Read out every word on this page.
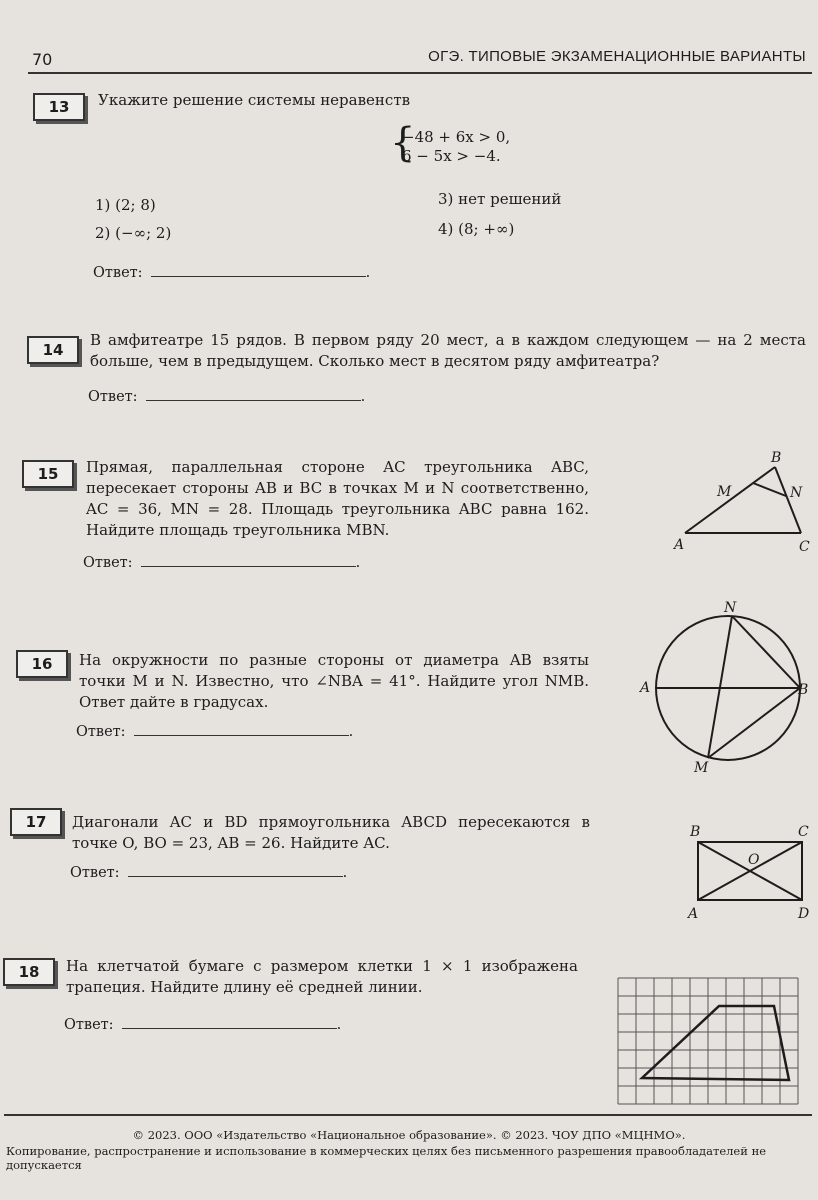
70	ОГЭ. ТИПОВЫЕ ЭКЗАМЕНАЦИОННЫЕ ВАРИАНТЫ
13	Укажите решение системы неравенств
{
−48 + 6x > 0,
6 − 5x > −4.
1) (2; 8)
2) (−∞; 2)
3) нет решений
4) (8; +∞)
Ответ:	.
14
В амфитеатре 15 рядов. В первом ряду 20 мест, а в каждом следующем — на 2 места больше, чем в предыдущем. Сколько мест в десятом ряду амфитеатра?
Ответ:	.
15	Прямая, параллельная стороне AC треугольника ABC, пересекает стороны AB и BC в точках M и N соответственно, AC = 36, MN = 28. Площадь треугольника ABC равна 162. Найдите площадь треугольника MBN.
Ответ:	.
B
M	N
A	C
16	На окружности по разные стороны от диаметра AB взяты точки M и N. Известно, что ∠NBA = 41°. Найдите угол NMB. Ответ дайте в градусах.
Ответ:	.
N
A	B
M
17	Диагонали AC и BD прямоугольника ABCD пересекаются в точке O, BO = 23, AB = 26. Найдите AC.
Ответ:	.
B	C
O
A	D
18	На клетчатой бумаге с размером клетки 1 × 1 изображена трапеция. Найдите длину её средней линии.
Ответ:	.
© 2023. ООО «Издательство «Национальное образование». © 2023. ЧОУ ДПО «МЦНМО».
Копирование, распространение и использование в коммерческих целях без письменного разрешения правообладателей не допускается
